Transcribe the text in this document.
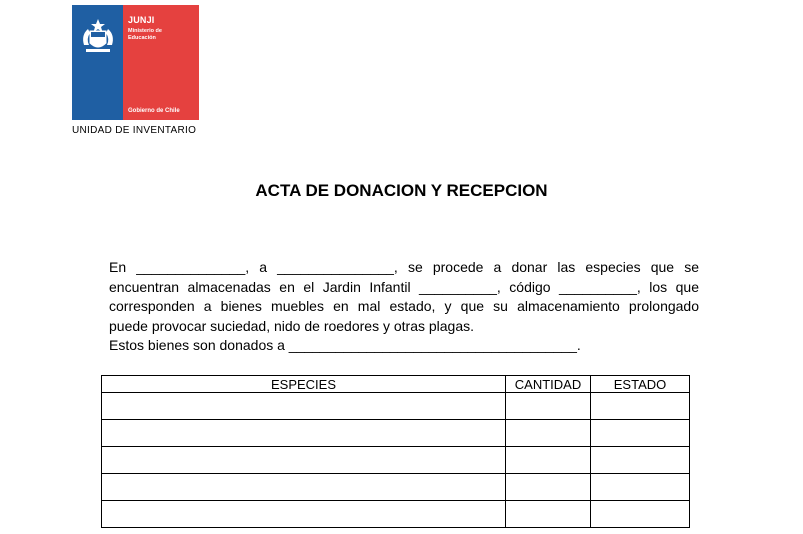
JUNJI
Ministerio de
Educación
Gobierno de Chile
UNIDAD DE INVENTARIO
ACTA DE DONACION Y RECEPCION

En ______________, a _______________, se procede a donar las especies que se

encuentran almacenadas en el Jardin Infantil __________, código __________, los que

corresponden a bienes muebles en mal estado, y que su almacenamiento prolongado

puede provocar suciedad, nido de roedores y otras plagas.

Estos bienes son donados a _____________________________________.

ESPECIES	CANTIDAD	ESTADO
